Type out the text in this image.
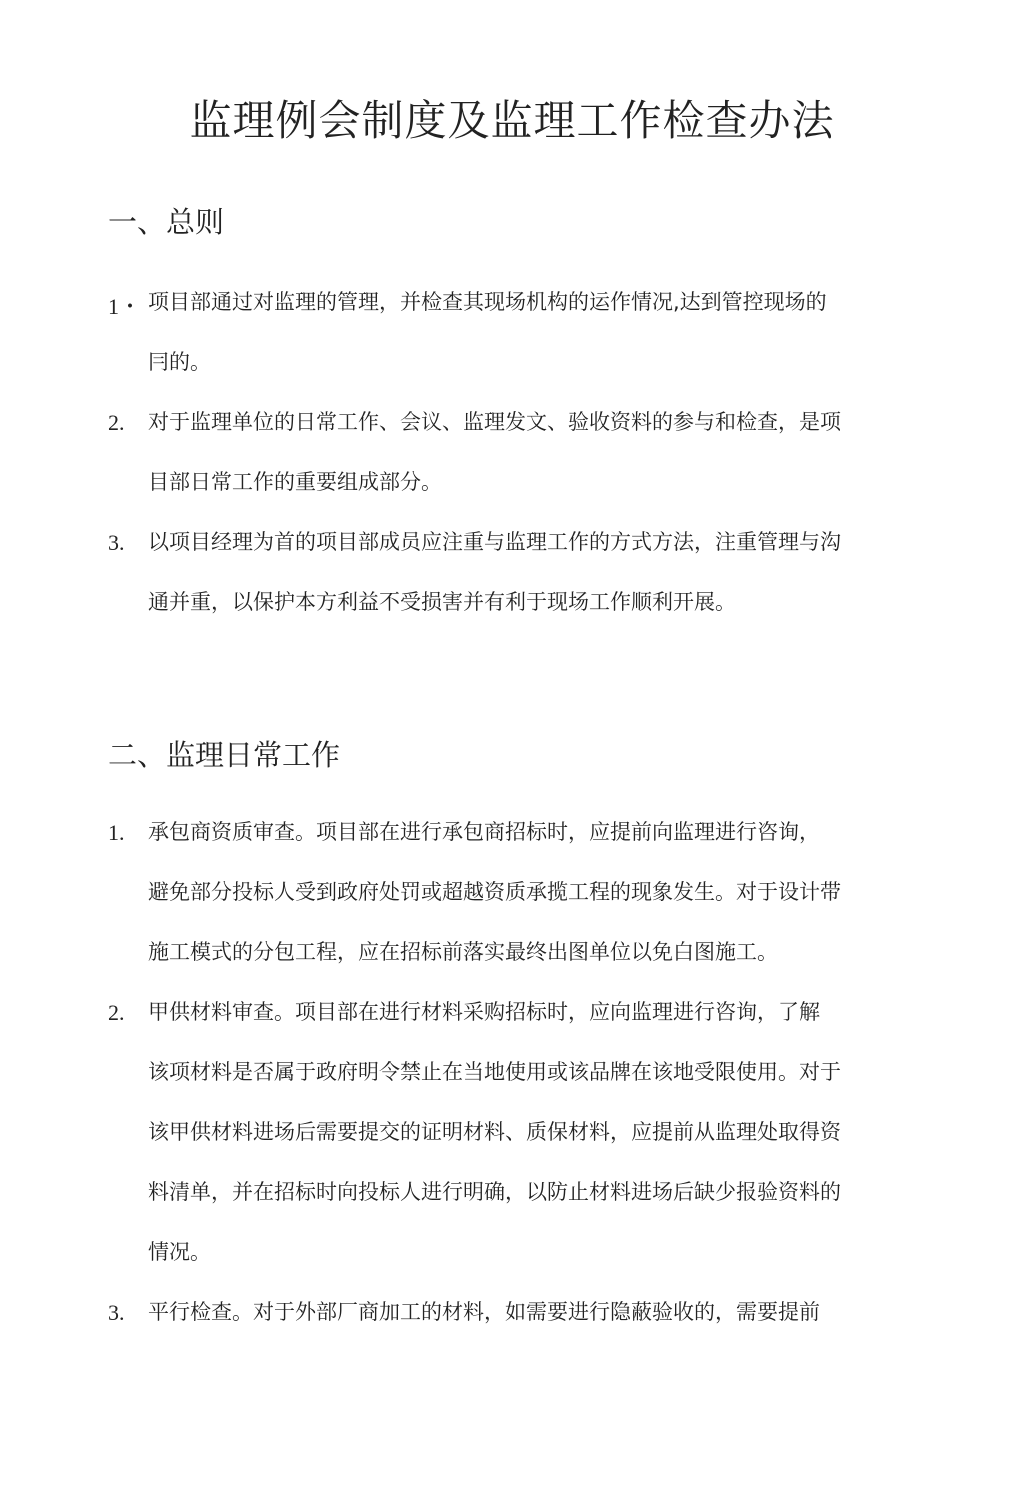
监理例会制度及监理工作检查办法
一、总则
1・ 项目部通过对监理的管理，并检查其现场机构的运作情况,达到管控现场的
冃的。
2. 对于监理单位的日常工作、会议、监理发文、验收资料的参与和检查，是项
目部日常工作的重要组成部分。
3. 以项目经理为首的项目部成员应注重与监理工作的方式方法，注重管理与沟
通并重，以保护本方利益不受损害并有利于现场工作顺利开展。
二、监理日常工作
1. 承包商资质审查。项目部在进行承包商招标时，应提前向监理进行咨询，
避免部分投标人受到政府处罚或超越资质承揽工程的现象发生。对于设计带
施工模式的分包工程，应在招标前落实最终出图单位以免白图施工。
2. 甲供材料审查。项目部在进行材料采购招标时，应向监理进行咨询，了解
该项材料是否属于政府明令禁止在当地使用或该品牌在该地受限使用。对于
该甲供材料进场后需要提交的证明材料、质保材料，应提前从监理处取得资
料清单，并在招标时向投标人进行明确，以防止材料进场后缺少报验资料的
情况。
3. 平行检查。对于外部厂商加工的材料，如需要进行隐蔽验收的，需要提前
